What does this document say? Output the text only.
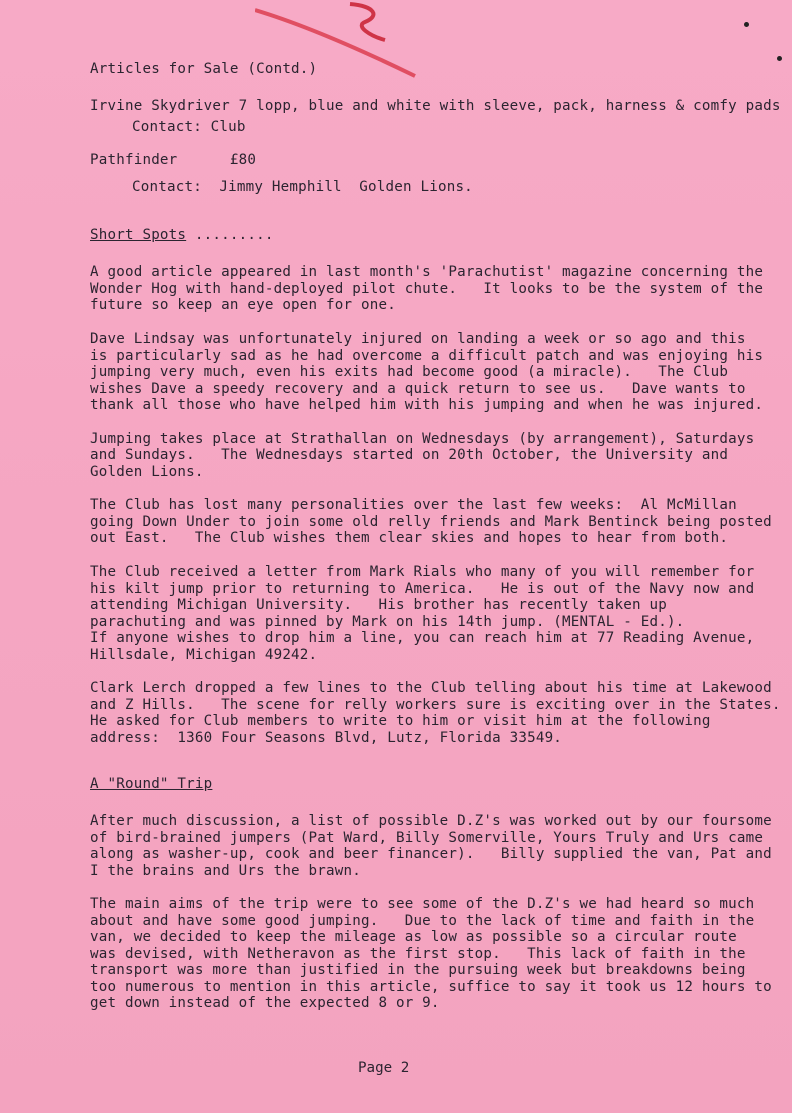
Articles for Sale (Contd.)
Irvine Skydriver 7 lopp, blue and white with sleeve, pack, harness & comfy pads
Contact: Club
Pathfinder      £80
Contact:  Jimmy Hemphill  Golden Lions.
Short Spots .........
A good article appeared in last month's 'Parachutist' magazine concerning the
Wonder Hog with hand-deployed pilot chute.   It looks to be the system of the
future so keep an eye open for one.
Dave Lindsay was unfortunately injured on landing a week or so ago and this
is particularly sad as he had overcome a difficult patch and was enjoying his
jumping very much, even his exits had become good (a miracle).   The Club
wishes Dave a speedy recovery and a quick return to see us.   Dave wants to
thank all those who have helped him with his jumping and when he was injured.
Jumping takes place at Strathallan on Wednesdays (by arrangement), Saturdays
and Sundays.   The Wednesdays started on 20th October, the University and
Golden Lions.
The Club has lost many personalities over the last few weeks:  Al McMillan
going Down Under to join some old relly friends and Mark Bentinck being posted
out East.   The Club wishes them clear skies and hopes to hear from both.
The Club received a letter from Mark Rials who many of you will remember for
his kilt jump prior to returning to America.   He is out of the Navy now and
attending Michigan University.   His brother has recently taken up
parachuting and was pinned by Mark on his 14th jump. (MENTAL - Ed.).
If anyone wishes to drop him a line, you can reach him at 77 Reading Avenue,
Hillsdale, Michigan 49242.
Clark Lerch dropped a few lines to the Club telling about his time at Lakewood
and Z Hills.   The scene for relly workers sure is exciting over in the States.
He asked for Club members to write to him or visit him at the following
address:  1360 Four Seasons Blvd, Lutz, Florida 33549.
A "Round" Trip
After much discussion, a list of possible D.Z's was worked out by our foursome
of bird-brained jumpers (Pat Ward, Billy Somerville, Yours Truly and Urs came
along as washer-up, cook and beer financer).   Billy supplied the van, Pat and
I the brains and Urs the brawn.
The main aims of the trip were to see some of the D.Z's we had heard so much
about and have some good jumping.   Due to the lack of time and faith in the
van, we decided to keep the mileage as low as possible so a circular route
was devised, with Netheravon as the first stop.   This lack of faith in the
transport was more than justified in the pursuing week but breakdowns being
too numerous to mention in this article, suffice to say it took us 12 hours to
get down instead of the expected 8 or 9.
Page 2
